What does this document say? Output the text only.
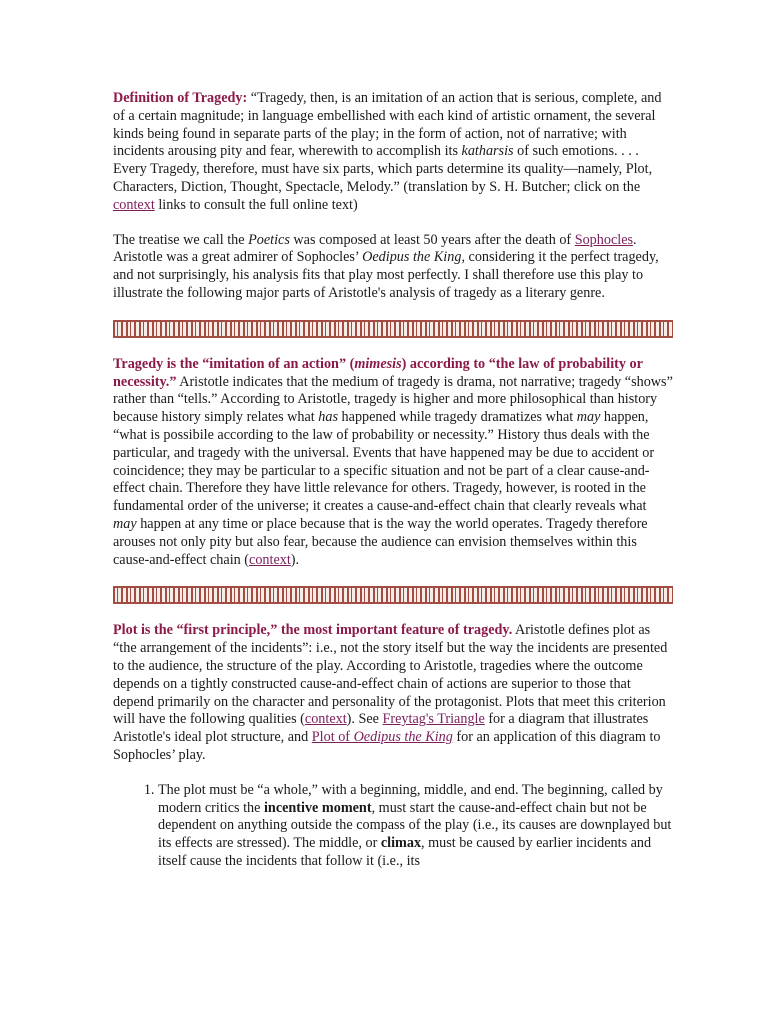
Definition of Tragedy: “Tragedy, then, is an imitation of an action that is serious, complete, and of a certain magnitude; in language embellished with each kind of artistic ornament, the several kinds being found in separate parts of the play; in the form of action, not of narrative; with incidents arousing pity and fear, wherewith to accomplish its katharsis of such emotions. . . . Every Tragedy, therefore, must have six parts, which parts determine its quality—namely, Plot, Characters, Diction, Thought, Spectacle, Melody.” (translation by S. H. Butcher; click on the context links to consult the full online text)

The treatise we call the Poetics was composed at least 50 years after the death of Sophocles. Aristotle was a great admirer of Sophocles’ Oedipus the King, considering it the perfect tragedy, and not surprisingly, his analysis fits that play most perfectly. I shall therefore use this play to illustrate the following major parts of Aristotle's analysis of tragedy as a literary genre.

Tragedy is the “imitation of an action” (mimesis) according to “the law of probability or necessity.” Aristotle indicates that the medium of tragedy is drama, not narrative; tragedy “shows” rather than “tells.” According to Aristotle, tragedy is higher and more philosophical than history because history simply relates what has happened while tragedy dramatizes what may happen, “what is possibile according to the law of probability or necessity.” History thus deals with the particular, and tragedy with the universal. Events that have happened may be due to accident or coincidence; they may be particular to a specific situation and not be part of a clear cause-and-effect chain. Therefore they have little relevance for others. Tragedy, however, is rooted in the fundamental order of the universe; it creates a cause-and-effect chain that clearly reveals what may happen at any time or place because that is the way the world operates. Tragedy therefore arouses not only pity but also fear, because the audience can envision themselves within this cause-and-effect chain (context).

Plot is the “first principle,” the most important feature of tragedy. Aristotle defines plot as “the arrangement of the incidents”: i.e., not the story itself but the way the incidents are presented to the audience, the structure of the play. According to Aristotle, tragedies where the outcome depends on a tightly constructed cause-and-effect chain of actions are superior to those that depend primarily on the character and personality of the protagonist. Plots that meet this criterion will have the following qualities (context). See Freytag's Triangle for a diagram that illustrates Aristotle's ideal plot structure, and Plot of Oedipus the King for an application of this diagram to Sophocles’ play.

1. The plot must be “a whole,” with a beginning, middle, and end. The beginning, called by modern critics the incentive moment, must start the cause-and-effect chain but not be dependent on anything outside the compass of the play (i.e., its causes are downplayed but its effects are stressed). The middle, or climax, must be caused by earlier incidents and itself cause the incidents that follow it (i.e., its
